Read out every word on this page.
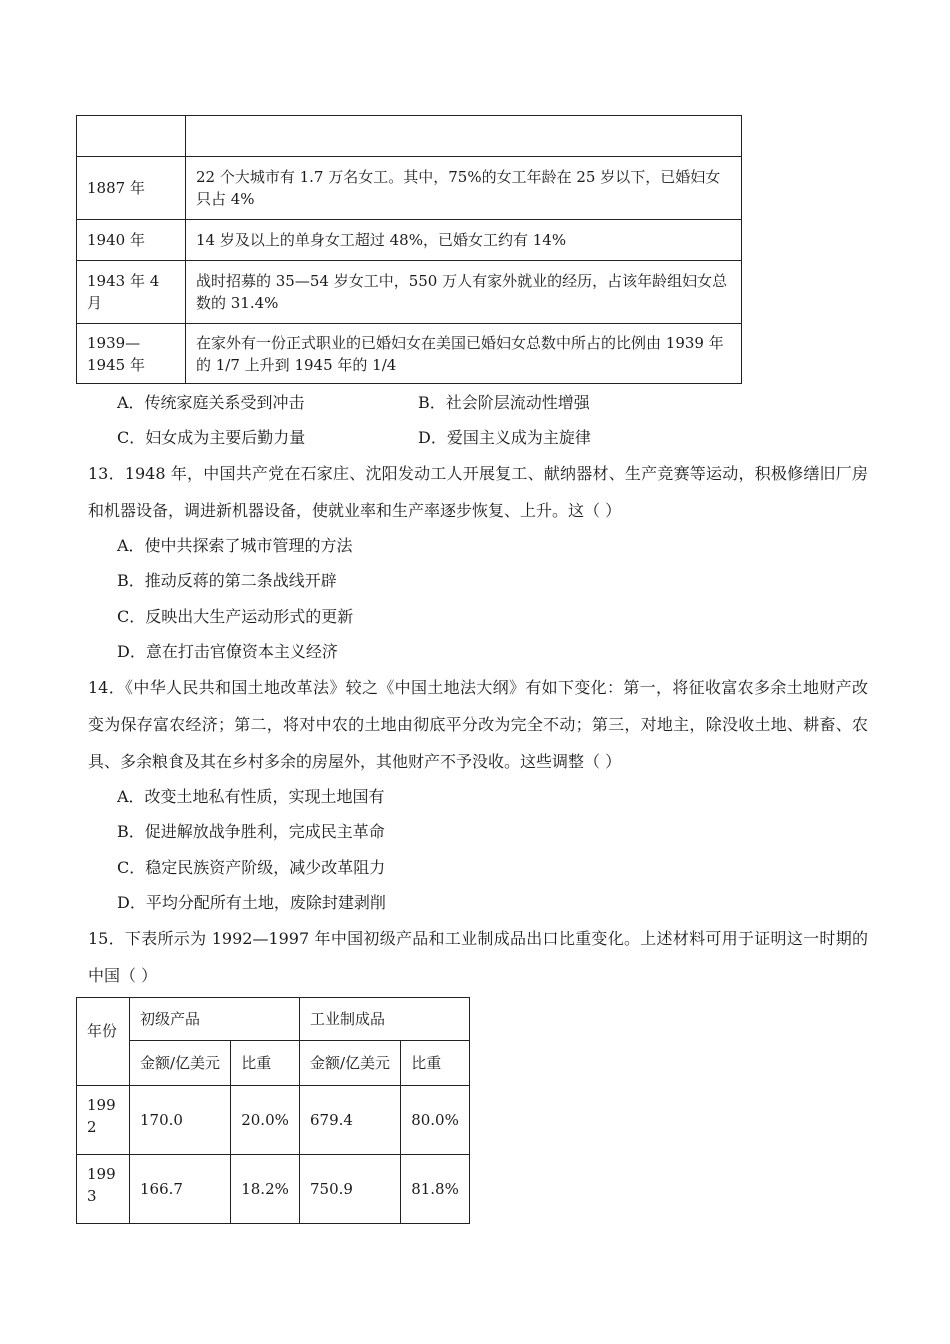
1887 年	22 个大城市有 1.7 万名女工。其中，75%的女工年龄在 25 岁以下，已婚妇女只占 4%
1940 年	14 岁及以上的单身女工超过 48%，已婚女工约有 14%
1943 年 4 月	战时招募的 35—54 岁女工中，550 万人有家外就业的经历，占该年龄组妇女总数的 31.4%
1939—1945 年	在家外有一份正式职业的已婚妇女在美国已婚妇女总数中所占的比例由 1939 年的 1/7 上升到 1945 年的 1/4
A．传统家庭关系受到冲击	B．社会阶层流动性增强
C．妇女成为主要后勤力量	D．爱国主义成为主旋律
13．1948 年，中国共产党在石家庄、沈阳发动工人开展复工、献纳器材、生产竞赛等运动，积极修缮旧厂房和机器设备，调进新机器设备，使就业率和生产率逐步恢复、上升。这（ ）
A．使中共探索了城市管理的方法
B．推动反蒋的第二条战线开辟
C．反映出大生产运动形式的更新
D．意在打击官僚资本主义经济
14．《中华人民共和国土地改革法》较之《中国土地法大纲》有如下变化：第一，将征收富农多余土地财产改变为保存富农经济；第二，将对中农的土地由彻底平分改为完全不动；第三，对地主，除没收土地、耕畜、农具、多余粮食及其在乡村多余的房屋外，其他财产不予没收。这些调整（ ）
A．改变土地私有性质，实现土地国有
B．促进解放战争胜利，完成民主革命
C．稳定民族资产阶级，减少改革阻力
D．平均分配所有土地，废除封建剥削
15．下表所示为 1992—1997 年中国初级产品和工业制成品出口比重变化。上述材料可用于证明这一时期的中国（ ）
年份	初级产品		工业制成品	
	金额/亿美元	比重	金额/亿美元	比重
1992	170.0	20.0%	679.4	80.0%
1993	166.7	18.2%	750.9	81.8%
